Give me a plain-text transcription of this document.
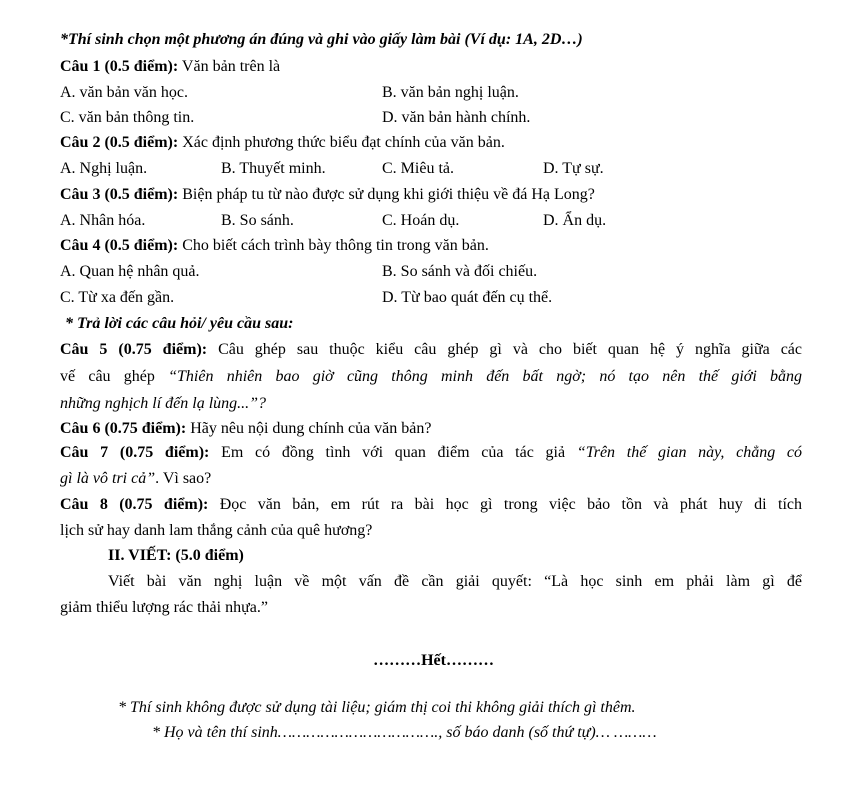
*Thí sinh chọn một phương án đúng và ghi vào giấy làm bài (Ví dụ: 1A, 2D…)
Câu 1 (0.5 điểm): Văn bản trên là
A. văn bản văn học.	B. văn bản nghị luận.
C. văn bản thông tin.	D. văn bản hành chính.
Câu 2 (0.5 điểm): Xác định phương thức biểu đạt chính của văn bản.
A. Nghị luận.	B. Thuyết minh.	C. Miêu tả.	D. Tự sự.
Câu 3 (0.5 điểm): Biện pháp tu từ nào được sử dụng khi giới thiệu về đá Hạ Long?
A. Nhân hóa.	B. So sánh.	C. Hoán dụ.	D. Ẩn dụ.
Câu 4 (0.5 điểm): Cho biết cách trình bày thông tin trong văn bản.
A. Quan hệ nhân quả.	B. So sánh và đối chiếu.
C. Từ xa đến gần.	D. Từ bao quát đến cụ thể.
* Trả lời các câu hỏi/ yêu cầu sau:
Câu 5 (0.75 điểm): Câu ghép sau thuộc kiểu câu ghép gì và cho biết quan hệ ý nghĩa giữa các
vế câu ghép “Thiên nhiên bao giờ cũng thông minh đến bất ngờ; nó tạo nên thế giới bằng
những nghịch lí đến lạ lùng...”?
Câu 6 (0.75 điểm): Hãy nêu nội dung chính của văn bản?
Câu 7 (0.75 điểm): Em có đồng tình với quan điểm của tác giả “Trên thế gian này, chẳng có
gì là vô tri cả”. Vì sao?
Câu 8 (0.75 điểm): Đọc văn bản, em rút ra bài học gì trong việc bảo tồn và phát huy di tích
lịch sử hay danh lam thắng cảnh của quê hương?
II. VIẾT: (5.0 điểm)
Viết bài văn nghị luận về một vấn đề cần giải quyết: “Là học sinh em phải làm gì để
giảm thiểu lượng rác thải nhựa.”
………Hết………
* Thí sinh không được sử dụng tài liệu; giám thị coi thi không giải thích gì thêm.
* Họ và tên thí sinh……………………………., số báo danh (số thứ tự)… ………
